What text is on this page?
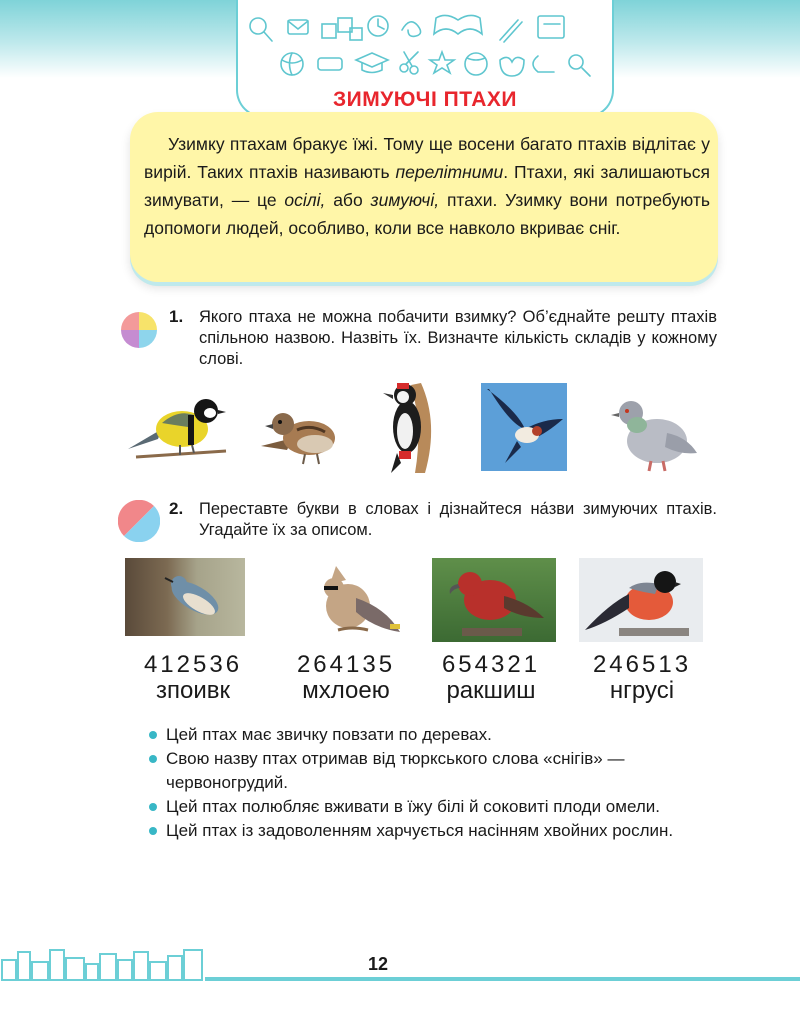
ЗИМУЮЧІ ПТАХИ
Узимку птахам бракує їжі. Тому ще восени багато птахів відлітає у вирій. Таких птахів називають перелітними. Птахи, які залишаються зимувати, — це осілі, або зимуючі, птахи. Узимку вони потребують допомоги людей, особливо, коли все навколо вкриває сніг.
1. Якого птаха не можна побачити взимку? Об’єднайте решту птахів спільною назвою. Назвіть їх. Визначте кількість складів у кожному слові.
2. Переставте букви в словах і дізнайтеся на́зви зимуючих птахів. Угадайте їх за описом.
412536
зпоивк
264135
мхлоею
654321
ракшиш
246513
нгрусі
Цей птах має звичку повзати по деревах.
Свою назву птах отримав від тюркського слова «снігів» — червоногрудий.
Цей птах полюбляє вживати в їжу білі й соковиті плоди омели.
Цей птах із задоволенням харчується насінням хвойних рослин.
12
